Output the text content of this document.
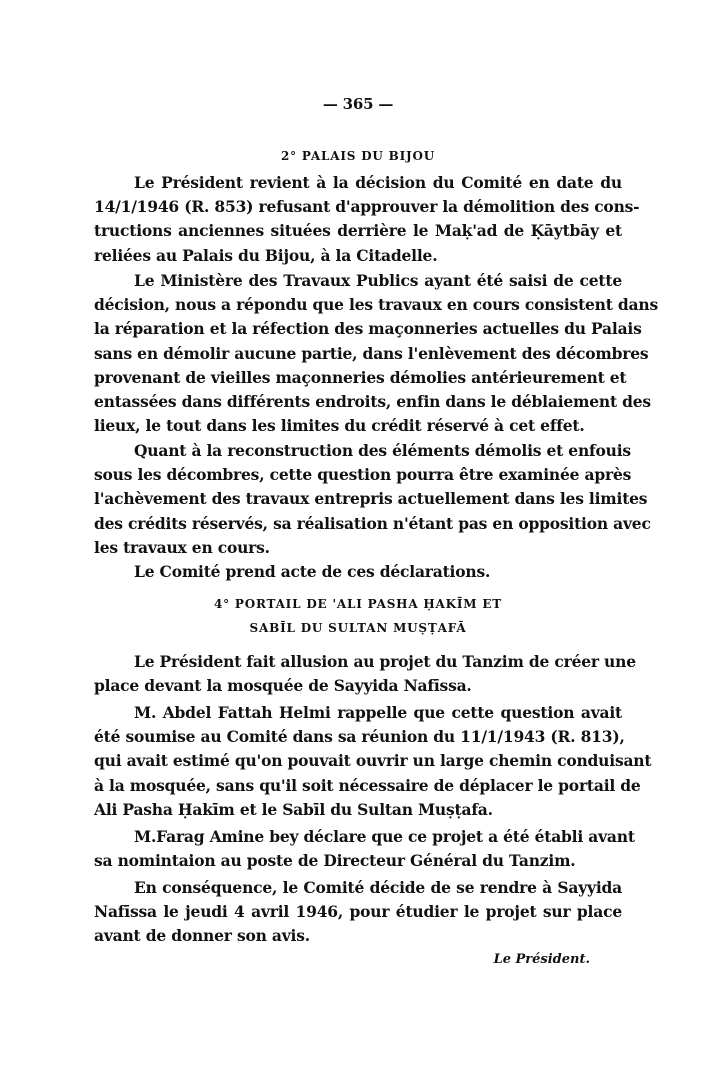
— 365 —
2° PALAIS DU BIJOU
Le Président revient à la décision du Comité en date du
14/1/1946 (R. 853) refusant d'approuver la démolition des cons-
tructions anciennes situées derrière le Maḳ'ad de Ḳāytbāy et
reliées au Palais du Bijou, à la Citadelle.
Le Ministère des Travaux Publics ayant été saisi de cette
décision, nous a répondu que les travaux en cours consistent dans
la réparation et la réfection des maçonneries actuelles du Palais
sans en démolir aucune partie, dans l'enlèvement des décombres
provenant de vieilles maçonneries démolies antérieurement et
entassées dans différents endroits, enfin dans le déblaiement des
lieux, le tout dans les limites du crédit réservé à cet effet.
Quant à la reconstruction des éléments démolis et enfouis
sous les décombres, cette question pourra être examinée après
l'achèvement des travaux entrepris actuellement dans les limites
des crédits réservés, sa réalisation n'étant pas en opposition avec
les travaux en cours.
Le Comité prend acte de ces déclarations.
4° PORTAIL DE 'ALI PASHA ḤAKĪM ET
SABĪL DU SULTAN MUṢṬAFĀ
Le Président fait allusion au projet du Tanzim de créer une
place devant la mosquée de Sayyida Nafīssa.
M. Abdel Fattah Helmi rappelle que cette question avait
été soumise au Comité dans sa réunion du 11/1/1943 (R. 813),
qui avait estimé qu'on pouvait ouvrir un large chemin conduisant
à la mosquée, sans qu'il soit nécessaire de déplacer le portail de
Ali Pasha Ḥakīm et le Sabīl du Sultan Muṣṭafa.
M.Farag Amine bey déclare que ce projet a été établi avant
sa nomintaion au poste de Directeur Général du Tanzim.
En conséquence, le Comité décide de se rendre à Sayyida
Nafīssa le jeudi 4 avril 1946, pour étudier le projet sur place
avant de donner son avis.
Le Président.
